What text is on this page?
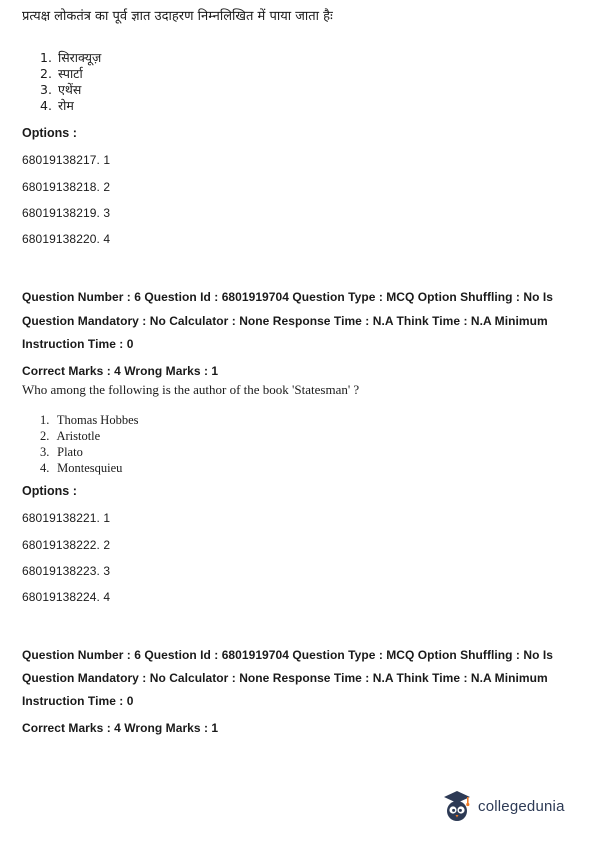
प्रत्यक्ष लोकतंत्र का पूर्व ज्ञात उदाहरण निम्नलिखित में पाया जाता हैः
1. सिराक्यूज़
2. स्पार्टा
3. एथेंस
4. रोम
Options :
68019138217. 1
68019138218. 2
68019138219. 3
68019138220. 4
Question Number : 6 Question Id : 6801919704 Question Type : MCQ Option Shuffling : No Is
Question Mandatory : No Calculator : None Response Time : N.A Think Time : N.A Minimum
Instruction Time : 0
Correct Marks : 4 Wrong Marks : 1
Who among the following is the author of the book 'Statesman' ?
1. Thomas Hobbes
2. Aristotle
3. Plato
4. Montesquieu
Options :
68019138221. 1
68019138222. 2
68019138223. 3
68019138224. 4
Question Number : 6 Question Id : 6801919704 Question Type : MCQ Option Shuffling : No Is
Question Mandatory : No Calculator : None Response Time : N.A Think Time : N.A Minimum
Instruction Time : 0
Correct Marks : 4 Wrong Marks : 1
collegedunia
